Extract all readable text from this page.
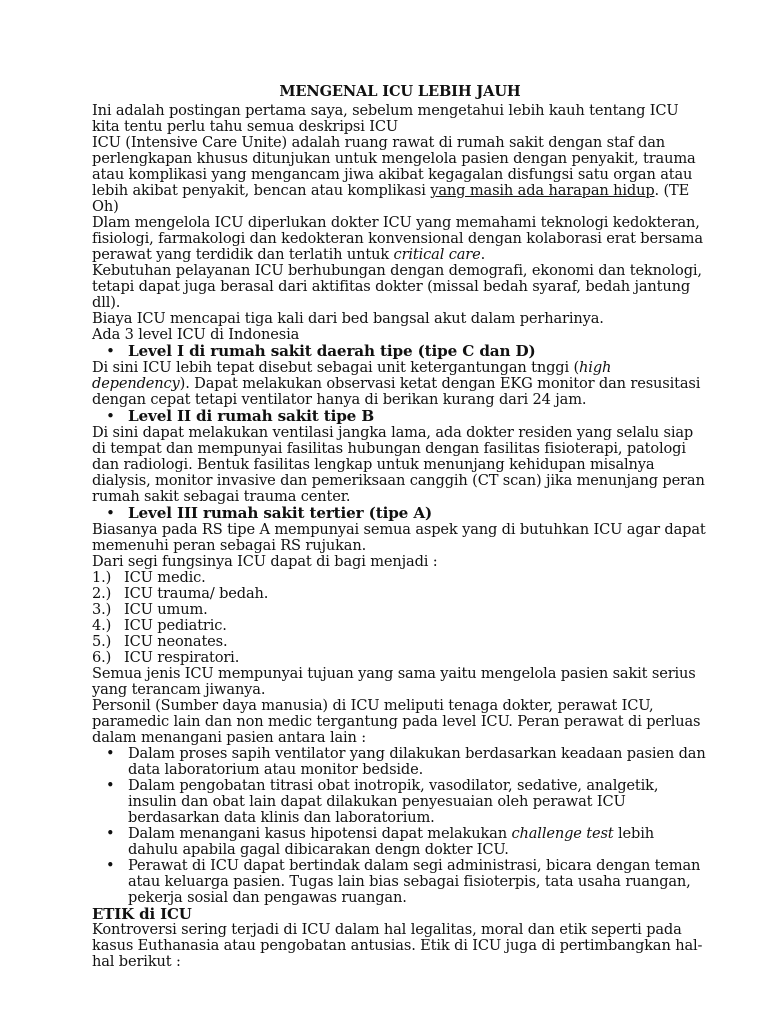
MENGENAL ICU LEBIH JAUH

Ini adalah postingan pertama saya, sebelum mengetahui lebih kauh tentang ICU kita tentu perlu tahu semua deskripsi ICU

ICU (Intensive Care Unite) adalah ruang rawat di rumah sakit dengan staf dan perlengkapan khusus ditunjukan untuk mengelola pasien dengan penyakit, trauma atau komplikasi yang mengancam jiwa akibat kegagalan disfungsi satu organ atau lebih akibat penyakit, bencan atau komplikasi yang masih ada harapan hidup. (TE Oh)

Dlam mengelola ICU diperlukan dokter ICU yang memahami teknologi kedokteran, fisiologi, farmakologi dan kedokteran konvensional dengan kolaborasi erat bersama perawat yang terdidik dan terlatih untuk critical care.

Kebutuhan pelayanan ICU berhubungan dengan demografi, ekonomi dan teknologi, tetapi dapat juga berasal dari aktifitas dokter (missal bedah syaraf, bedah jantung dll).

Biaya ICU mencapai tiga kali dari bed bangsal akut dalam perharinya.

Ada 3 level ICU di Indonesia

• Level I di rumah sakit daerah tipe (tipe C dan D)

Di sini ICU lebih tepat disebut sebagai unit ketergantungan tnggi (high dependency). Dapat melakukan observasi ketat dengan EKG monitor dan resusitasi dengan cepat tetapi ventilator hanya di berikan kurang dari 24 jam.

• Level II di rumah sakit tipe B

Di sini dapat melakukan ventilasi jangka lama, ada dokter residen yang selalu siap di tempat dan mempunyai fasilitas hubungan dengan fasilitas fisioterapi, patologi dan radiologi. Bentuk fasilitas lengkap untuk menunjang kehidupan misalnya dialysis, monitor invasive dan pemeriksaan canggih (CT scan) jika menunjang peran rumah sakit sebagai trauma center.

• Level III rumah sakit tertier (tipe A)

Biasanya pada RS tipe A mempunyai semua aspek yang di butuhkan ICU agar dapat memenuhi peran sebagai RS rujukan.

Dari segi fungsinya ICU dapat di bagi menjadi :

1.) ICU medic.
2.) ICU trauma/ bedah.
3.) ICU umum.
4.) ICU pediatric.
5.) ICU neonates.
6.) ICU respiratori.

Semua jenis ICU mempunyai tujuan yang sama yaitu mengelola pasien sakit serius yang terancam jiwanya.

Personil (Sumber daya manusia) di ICU meliputi tenaga dokter, perawat ICU, paramedic lain dan non medic tergantung pada level ICU. Peran perawat di perluas dalam menangani pasien antara lain :

• Dalam proses sapih ventilator yang dilakukan berdasarkan keadaan pasien dan data laboratorium atau monitor bedside.
• Dalam pengobatan titrasi obat inotropik, vasodilator, sedative, analgetik, insulin dan obat lain dapat dilakukan penyesuaian oleh perawat ICU berdasarkan data klinis dan laboratorium.
• Dalam menangani kasus hipotensi dapat melakukan challenge test lebih dahulu apabila gagal dibicarakan dengn dokter ICU.
• Perawat di ICU dapat bertindak dalam segi administrasi, bicara dengan teman atau keluarga pasien. Tugas lain bias sebagai fisioterpis, tata usaha ruangan, pekerja sosial dan pengawas ruangan.
ETIK di ICU

Kontroversi sering terjadi di ICU dalam hal legalitas, moral dan etik seperti pada kasus Euthanasia atau pengobatan antusias. Etik di ICU juga di pertimbangkan hal-hal berikut :
